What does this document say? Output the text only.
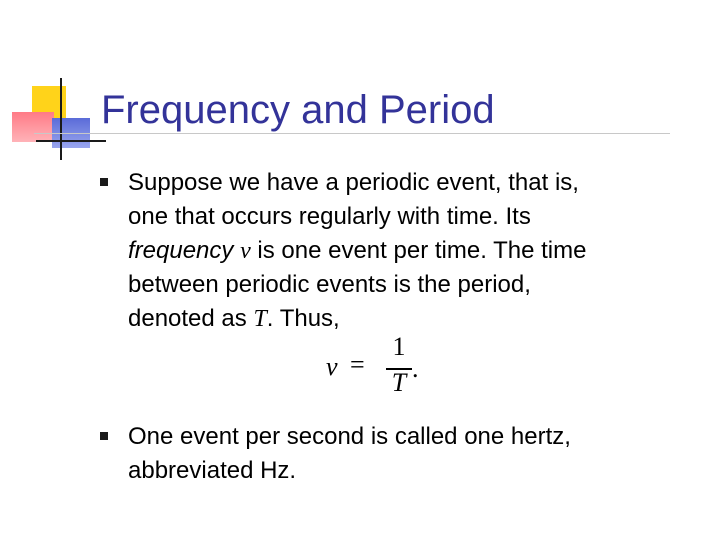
Frequency and Period
Suppose we have a periodic event, that is,
one that occurs regularly with time. Its
frequency ν is one event per time. The time
between periodic events is the period,
denoted as T. Thus,
ν =
1
T .
One event per second is called one hertz,
abbreviated Hz.
